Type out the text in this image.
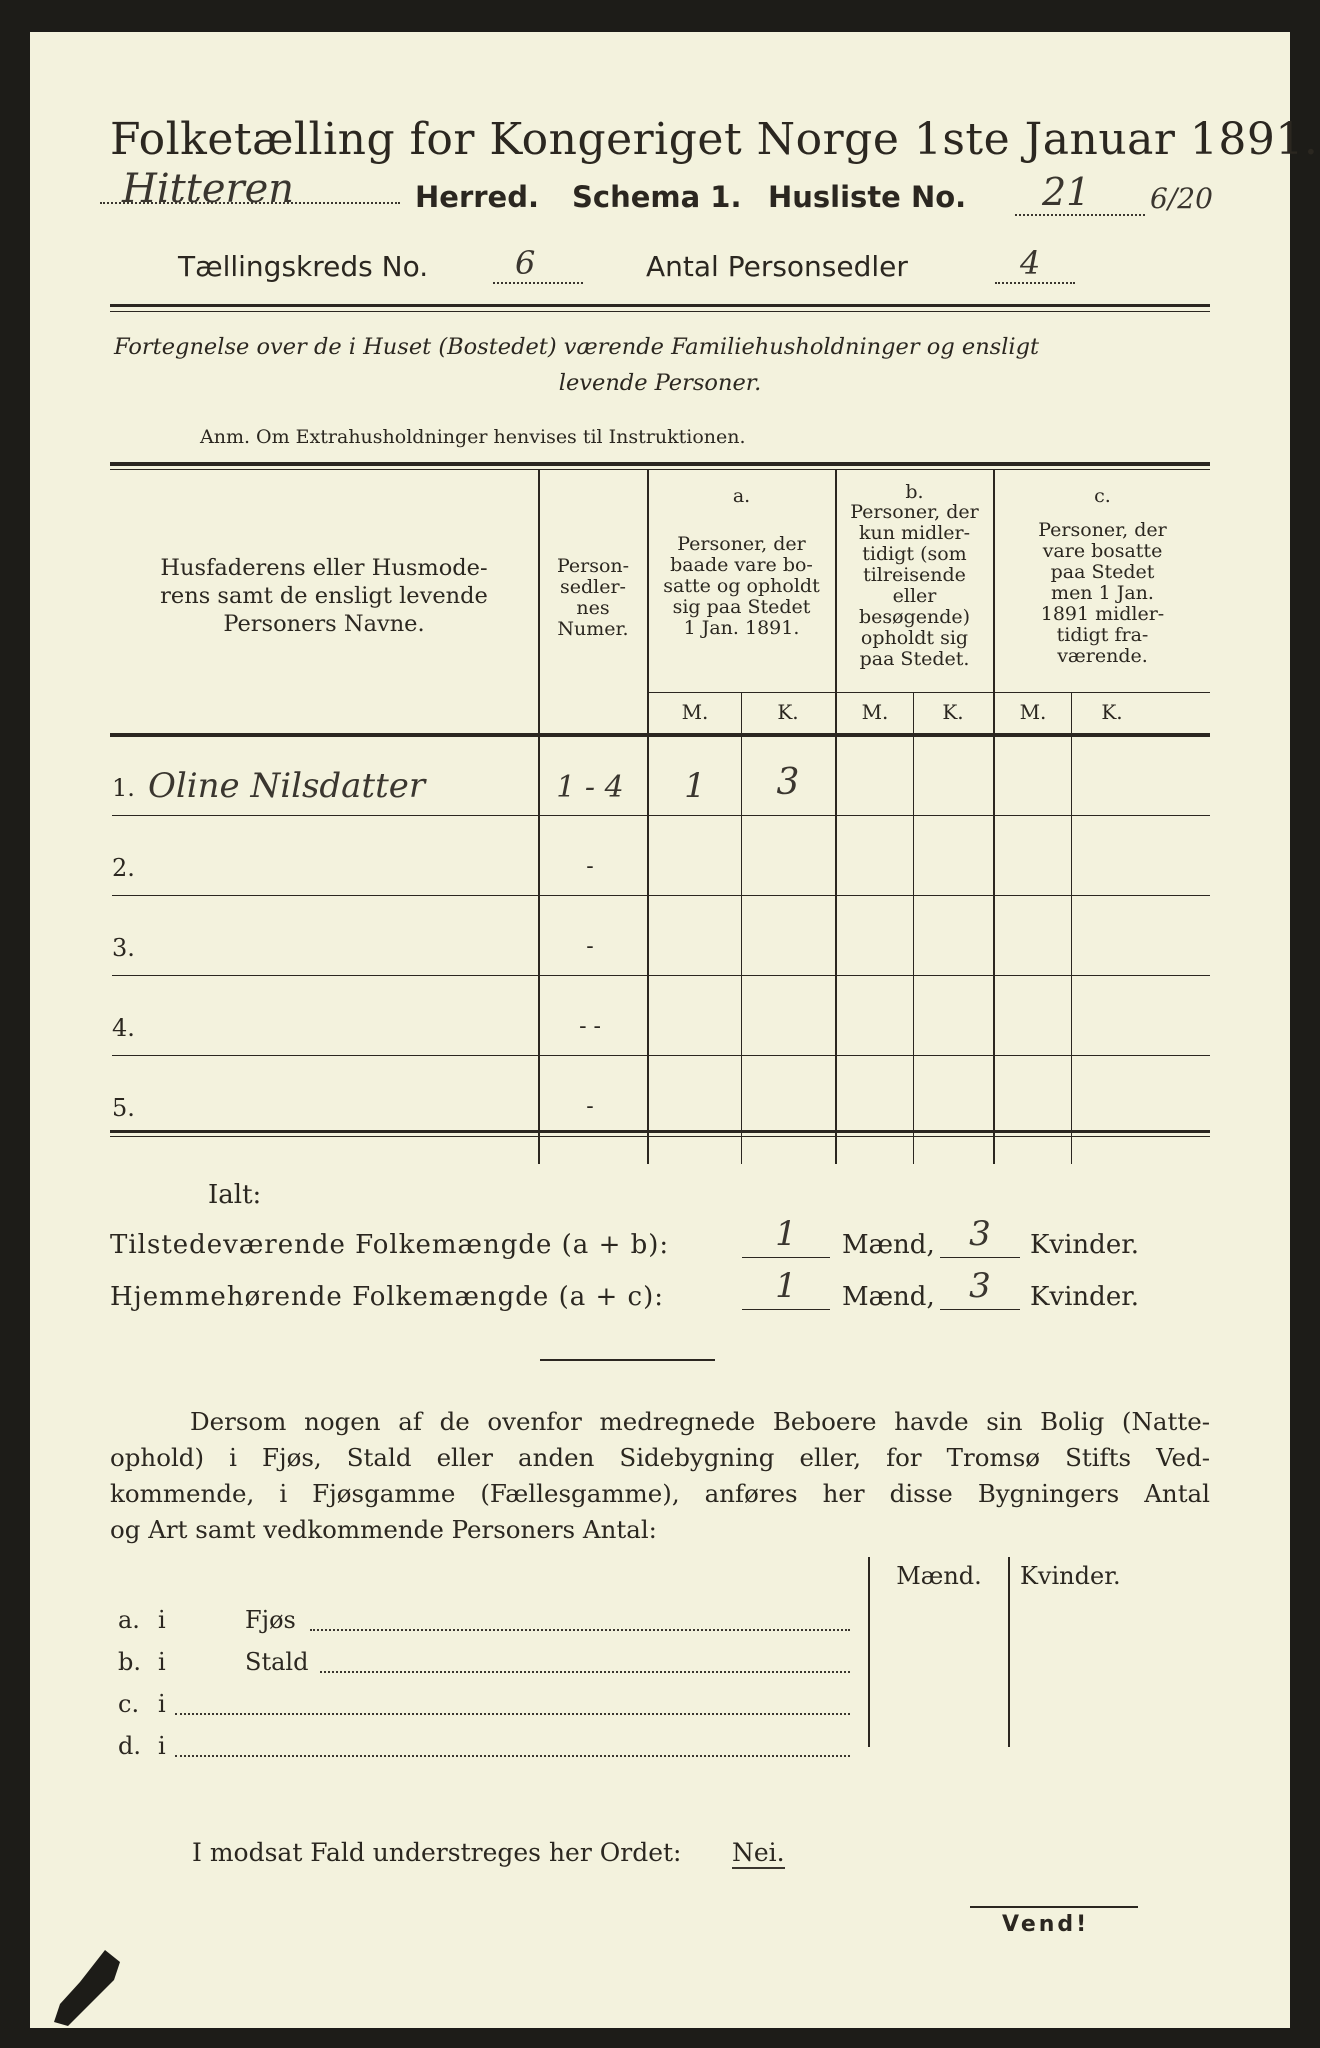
Folketælling for Kongeriget Norge 1ste Januar 1891.
Hitteren	Herred. Schema 1. Husliste No. 21 6/20
Tællingskreds No.	6	Antal Personsedler	4
Fortegnelse over de i Huset (Bostedet) værende Familiehusholdninger og ensligt
levende Personer.
Anm. Om Extrahusholdninger henvises til Instruktionen.
Husfaderens eller Husmode-
rens samt de ensligt levende
Personers Navne.
Person-
sedler-
nes
Numer.
a.
Personer, der
baade vare bo-
satte og opholdt
sig paa Stedet
1 Jan. 1891.
b.
Personer, der
kun midler-
tidigt (som
tilreisende
eller
besøgende)
opholdt sig
paa Stedet.
c.
Personer, der
vare bosatte
paa Stedet
men 1 Jan.
1891 midler-
tidigt fra-
værende.
M.	K.	M.	K.	M.	K.
1. Oline Nilsdatter	1 - 4	1	3
2.	-
3.	-
4.	- -
5.	-
Ialt:
Tilstedeværende Folkemængde (a + b):	1	Mænd,	3	Kvinder.
Hjemmehørende Folkemængde (a + c):	1	Mænd,	3	Kvinder.
Dersom nogen af de ovenfor medregnede Beboere havde sin Bolig (Natte-
ophold) i Fjøs, Stald eller anden Sidebygning eller, for Tromsø Stifts Ved-
kommende, i Fjøsgamme (Fællesgamme), anføres her disse Bygningers Antal
og Art samt vedkommende Personers Antal:
Mænd.	Kvinder.
a. i	Fjøs
b. i	Stald
c. i
d. i
I modsat Fald understreges her Ordet: Nei.
Vend!
